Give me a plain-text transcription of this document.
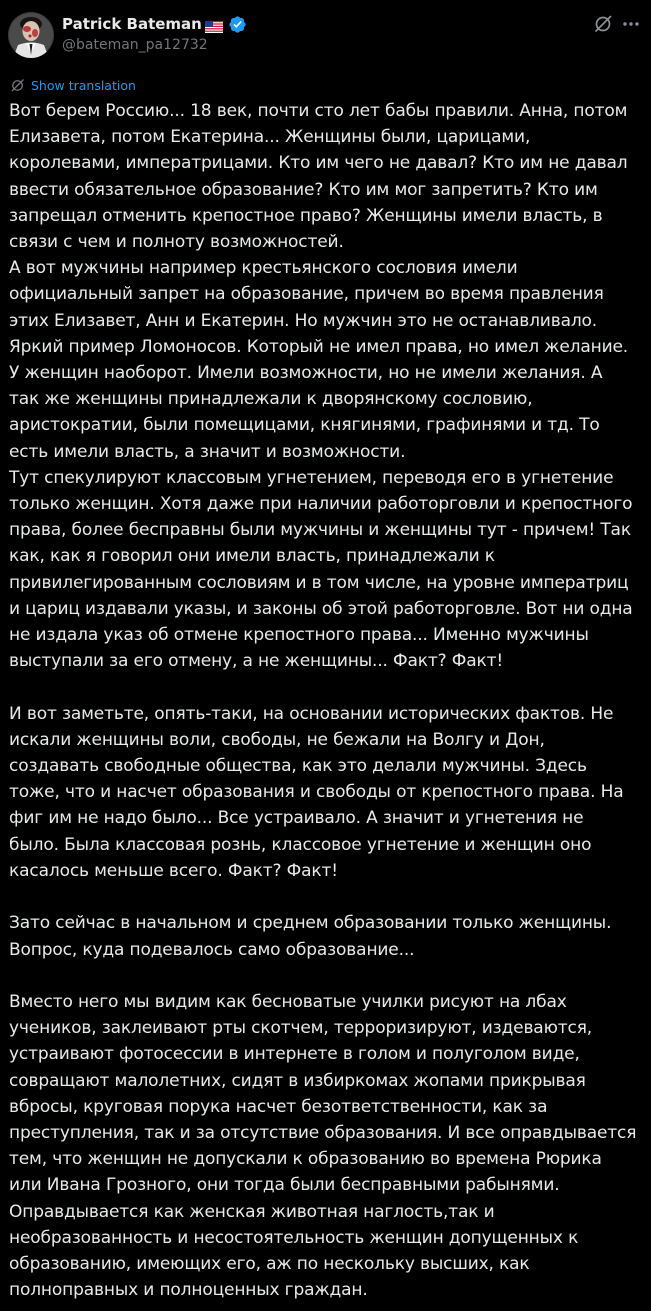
Patrick Bateman
@bateman_pa12732
Show translation
Вот берем Россию... 18 век, почти сто лет бабы правили. Анна, потом Елизавета, потом Екатерина... Женщины были, царицами, королевами, императрицами. Кто им чего не давал? Кто им не давал ввести обязательное образование? Кто им мог запретить? Кто им запрещал отменить крепостное право? Женщины имели власть, в связи с чем и полноту возможностей.
А вот мужчины например крестьянского сословия имели официальный запрет на образование, причем во время правления этих Елизавет, Анн и Екатерин. Но мужчин это не останавливало. Яркий пример Ломоносов. Который не имел права, но имел желание. У женщин наоборот. Имели возможности, но не имели желания. А так же женщины принадлежали к дворянскому сословию, аристократии, были помещицами, княгинями, графинями и тд. То есть имели власть, а значит и возможности.
Тут спекулируют классовым угнетением, переводя его в угнетение только женщин. Хотя даже при наличии работорговли и крепостного права, более бесправны были мужчины и женщины тут - причем! Так как, как я говорил они имели власть, принадлежали к привилегированным сословиям и в том числе, на уровне императриц и цариц издавали указы, и законы об этой работорговле. Вот ни одна не издала указ об отмене крепостного права... Именно мужчины выступали за его отмену, а не женщины... Факт? Факт!

И вот заметьте, опять-таки, на основании исторических фактов. Не искали женщины воли, свободы, не бежали на Волгу и Дон, создавать свободные общества, как это делали мужчины. Здесь тоже, что и насчет образования и свободы от крепостного права. На фиг им не надо было... Все устраивало. А значит и угнетения не было. Была классовая рознь, классовое угнетение и женщин оно касалось меньше всего. Факт? Факт!

Зато сейчас в начальном и среднем образовании только женщины. Вопрос, куда подевалось само образование...

Вместо него мы видим как бесноватые училки рисуют на лбах учеников, заклеивают рты скотчем, терроризируют, издеваются, устраивают фотосессии в интернете в голом и полуголом виде, совращают малолетних, сидят в избиркомах жопами прикрывая вбросы, круговая порука насчет безответственности, как за преступления, так и за отсутствие образования. И все оправдывается тем, что женщин не допускали к образованию во времена Рюрика или Ивана Грозного, они тогда были бесправными рабынями. Оправдывается как женская животная наглость,так и необразованность и несостоятельность женщин допущенных к образованию, имеющих его, аж по нескольку высших, как полноправных и полноценных граждан.
